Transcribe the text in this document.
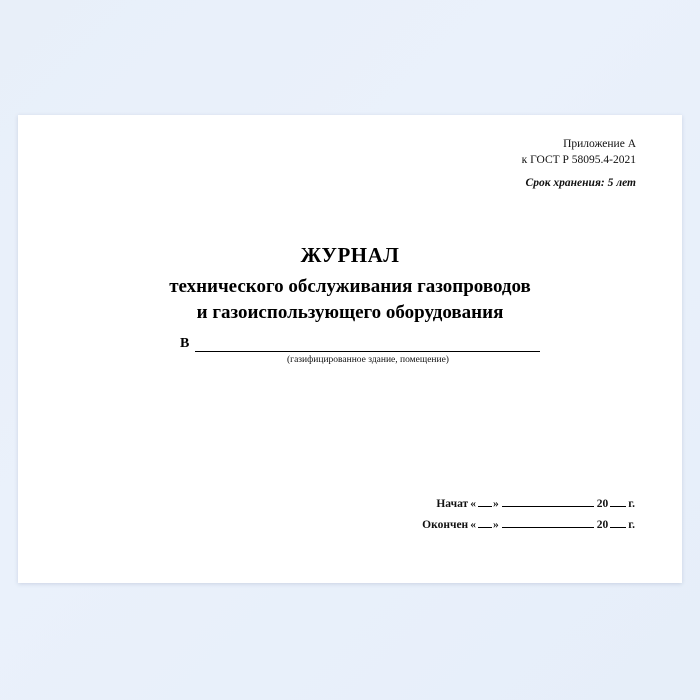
Приложение А
к ГОСТ Р 58095.4-2021
Срок хранения: 5 лет
ЖУРНАЛ
технического обслуживания газопроводов
и газоиспользующего оборудования
В
(газифицированное здание, помещение)
Начат « »	20 г.
Окончен « »	20 г.
